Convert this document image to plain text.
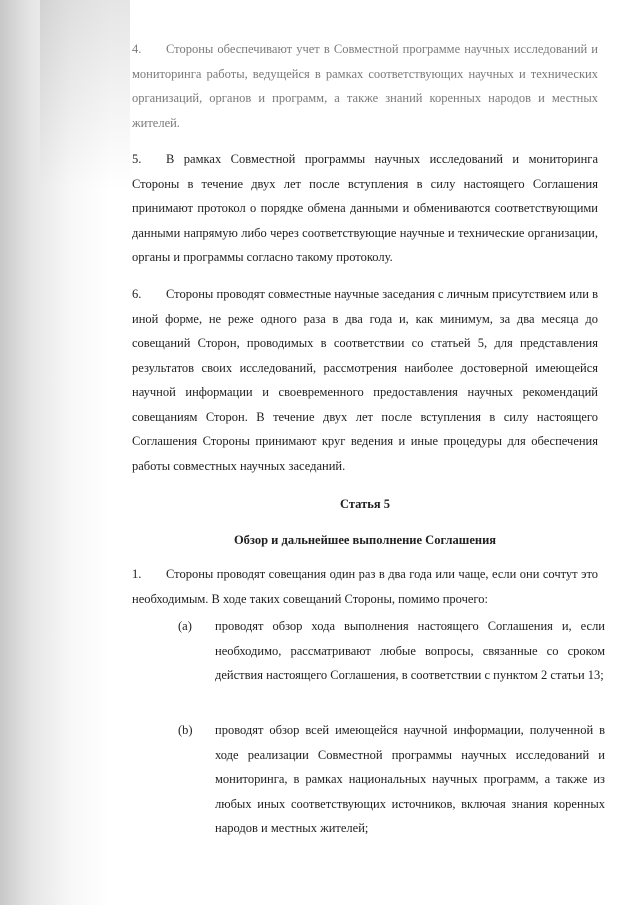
4. Стороны обеспечивают учет в Совместной программе научных исследований и мониторинга работы, ведущейся в рамках соответствующих научных и технических организаций, органов и программ, а также знаний коренных народов и местных жителей.

5. В рамках Совместной программы научных исследований и мониторинга Стороны в течение двух лет после вступления в силу настоящего Соглашения принимают протокол о порядке обмена данными и обмениваются соответствующими данными напрямую либо через соответствующие научные и технические организации, органы и программы согласно такому протоколу.

6. Стороны проводят совместные научные заседания с личным присутствием или в иной форме, не реже одного раза в два года и, как минимум, за два месяца до совещаний Сторон, проводимых в соответствии со статьей 5, для представления результатов своих исследований, рассмотрения наиболее достоверной имеющейся научной информации и своевременного предоставления научных рекомендаций совещаниям Сторон. В течение двух лет после вступления в силу настоящего Соглашения Стороны принимают круг ведения и иные процедуры для обеспечения работы совместных научных заседаний.

Статья 5
Обзор и дальнейшее выполнение Соглашения

1. Стороны проводят совещания один раз в два года или чаще, если они сочтут это необходимым. В ходе таких совещаний Стороны, помимо прочего:

(a) проводят обзор хода выполнения настоящего Соглашения и, если необходимо, рассматривают любые вопросы, связанные со сроком действия настоящего Соглашения, в соответствии с пунктом 2 статьи 13;

(b) проводят обзор всей имеющейся научной информации, полученной в ходе реализации Совместной программы научных исследований и мониторинга, в рамках национальных научных программ, а также из любых иных соответствующих источников, включая знания коренных народов и местных жителей;
